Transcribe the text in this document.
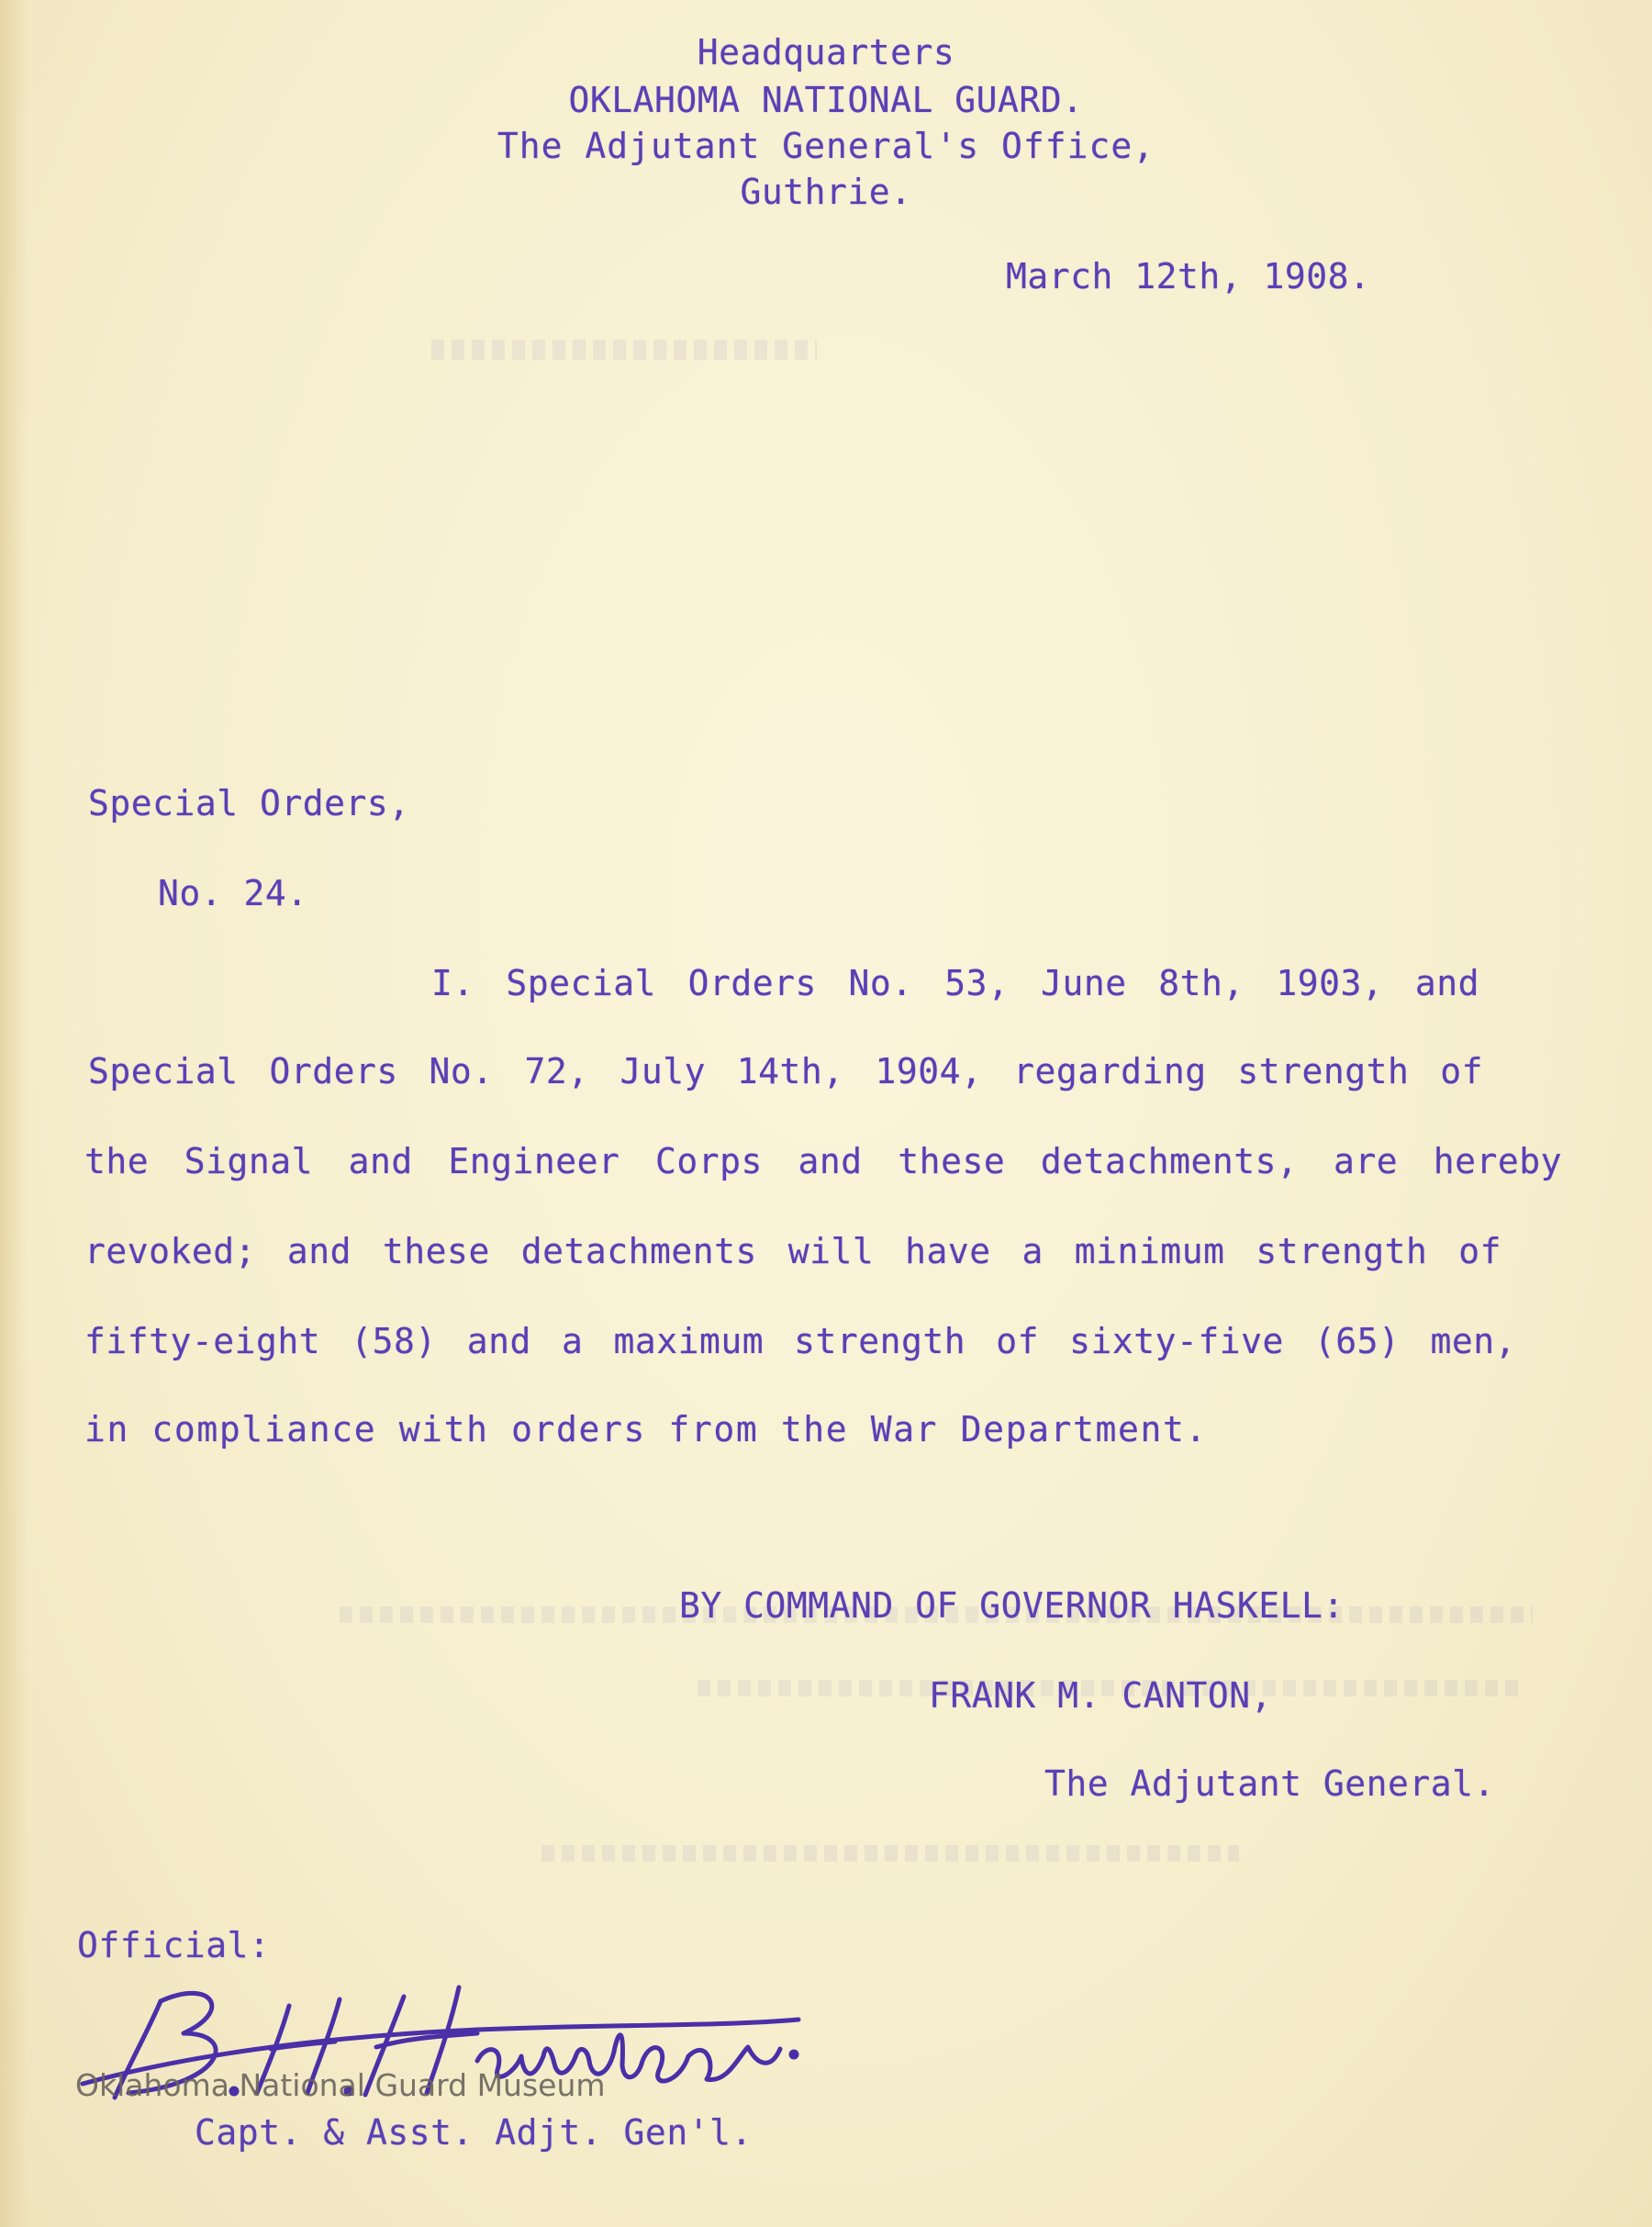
Headquarters
OKLAHOMA NATIONAL GUARD.
The Adjutant General's Office,
Guthrie.
March 12th, 1908.
Special Orders,
No. 24.
I. Special Orders No. 53, June 8th, 1903, and
Special Orders No. 72, July 14th, 1904, regarding strength of
the Signal and Engineer Corps and these detachments, are hereby
revoked; and these detachments will have a minimum strength of
fifty-eight (58) and a maximum strength of sixty-five (65) men,
in compliance with orders from the War Department.
BY COMMAND OF GOVERNOR HASKELL:
FRANK M. CANTON,
The Adjutant General.
Official:
Capt. & Asst. Adjt. Gen'l.
Oklahoma National Guard Museum
